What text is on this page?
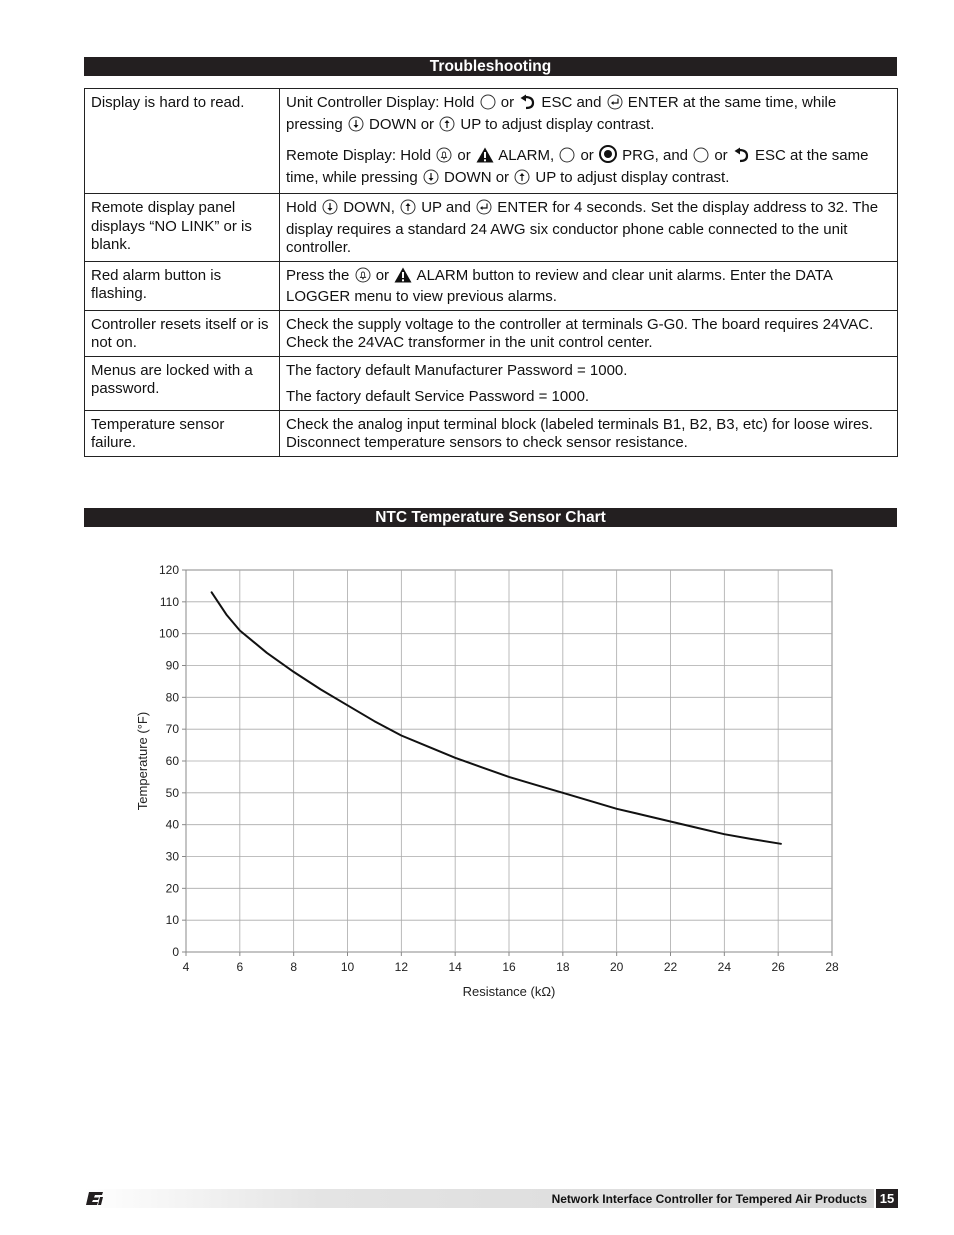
Troubleshooting
Display is hard to read.	Unit Controller Display: Hold  or  ESC and  ENTER at the same time, while pressing  DOWN or  UP to adjust display contrast.

Remote Display: Hold  or  ALARM,  or  PRG, and  or  ESC at the same time, while pressing  DOWN or  UP to adjust display contrast.

Remote display panel displays “NO LINK” or is blank.	Hold  DOWN,  UP and  ENTER for 4 seconds. Set the display address to 32. The display requires a standard 24 AWG six conductor phone cable connected to the unit controller.

Red alarm button is flashing.	Press the  or  ALARM button to review and clear unit alarms. Enter the DATA LOGGER menu to view previous alarms.

Controller resets itself or is not on.	Check the supply voltage to the controller at terminals G-G0. The board requires 24VAC. Check the 24VAC transformer in the unit control center.

Menus are locked with a password.	The factory default Manufacturer Password = 1000.

The factory default Service Password = 1000.

Temperature sensor failure.	Check the analog input terminal block (labeled terminals B1, B2, B3, etc) for loose wires. Disconnect temperature sensors to check sensor resistance.

NTC Temperature Sensor Chart
4	6	8	10	12	14	16	18	20	22	24	26	28
0
10
20
30
40
50
60
70
80
90
100
110
120
Resistance (kΩ)
Temperature (°F)
Network Interface Controller for Tempered Air Products 15
